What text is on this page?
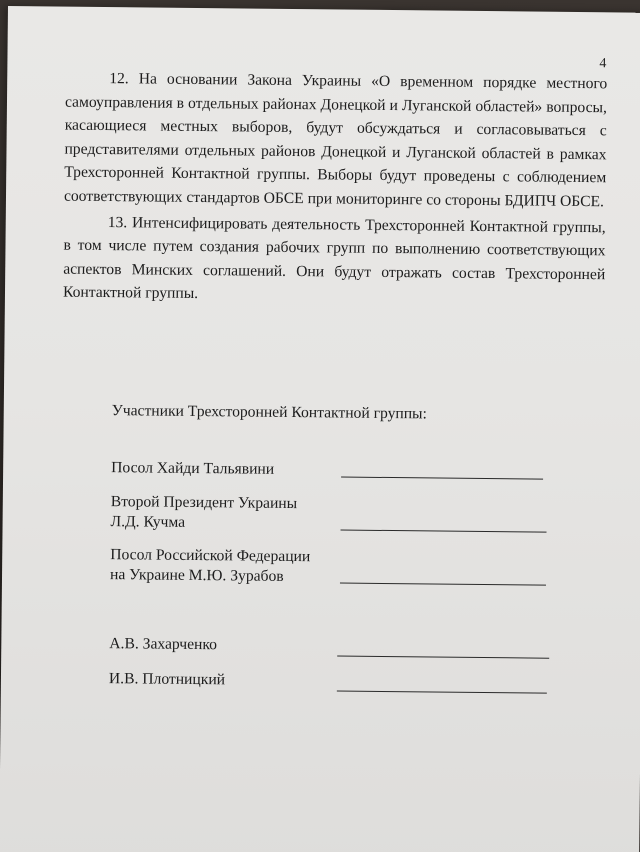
4

12. На основании Закона Украины «О временном порядке местного самоуправления в отдельных районах Донецкой и Луганской областей» вопросы, касающиеся местных выборов, будут обсуждаться и согласовываться с представителями отдельных районов Донецкой и Луганской областей в рамках Трехсторонней Контактной группы. Выборы будут проведены с соблюдением соответствующих стандартов ОБСЕ при мониторинге со стороны БДИПЧ ОБСЕ.

13. Интенсифицировать деятельность Трехсторонней Контактной группы, в том числе путем создания рабочих групп по выполнению соответствующих аспектов Минских соглашений. Они будут отражать состав Трехсторонней Контактной группы.

Участники Трехсторонней Контактной группы:
Посол Хайди Тальявини
Второй Президент Украины
Л.Д. Кучма
Посол Российской Федерации
на Украине М.Ю. Зурабов
А.В. Захарченко
И.В. Плотницкий
